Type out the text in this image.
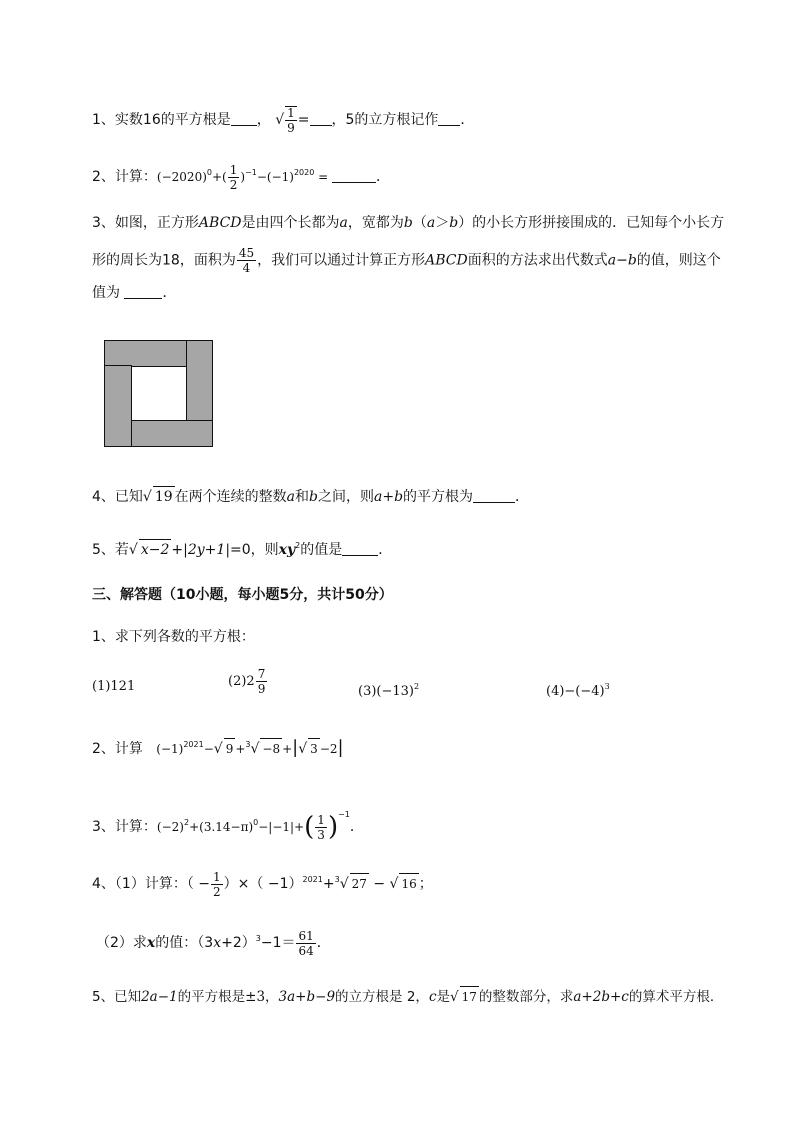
1、实数16的平方根是 ， √ $\frac{1}{9}$ = ，5的立方根记作 ．
2、计算：$(-2020)^0+( \frac{1}{2} )^{-1}-(-1)^{2020}$ =	．
3、如图，正方形ABCD是由四个长都为a，宽都为b（a＞b）的小长方形拼接围成的．已知每个小长方
形的周长为18，面积为 $\frac{45}{4}$ ，我们可以通过计算正方形ABCD面积的方法求出代数式a−b的值，则这个
值为	．
4、已知√ 19 在两个连续的整数a和b之间，则a+b的平方根为	．
5、若√ x−2 +|2y+1|=0，则$xy^2$的值是	．
三、解答题（10小题，每小题5分，共计50分）
1、求下列各数的平方根：
(1)121	$(2)2 \frac{7}{9}$	$(3)(-13)^2$	$(4)-(-4)^3$
2、计算 $(-1)^{2021}-√$ 9 +$^3$√ −8 +|√ 3 −2|
3、计算：$(-2)^2+(3.14-\pi)^0-|-1|+( \frac{1}{3} )^{-1}$．
4、（1）计算：（ − $\frac{1}{2}$ ）×（ −1）$^{2021}$+$^3$√ 27 − √ 16 ；
（2）求x的值：$(3x+2)^3-1= \frac{61}{64}$ ．
5、已知2a−1的平方根是±3，3a+b−9的立方根是 2，c是√ 17 的整数部分，求a+2b+c的算术平方根．
